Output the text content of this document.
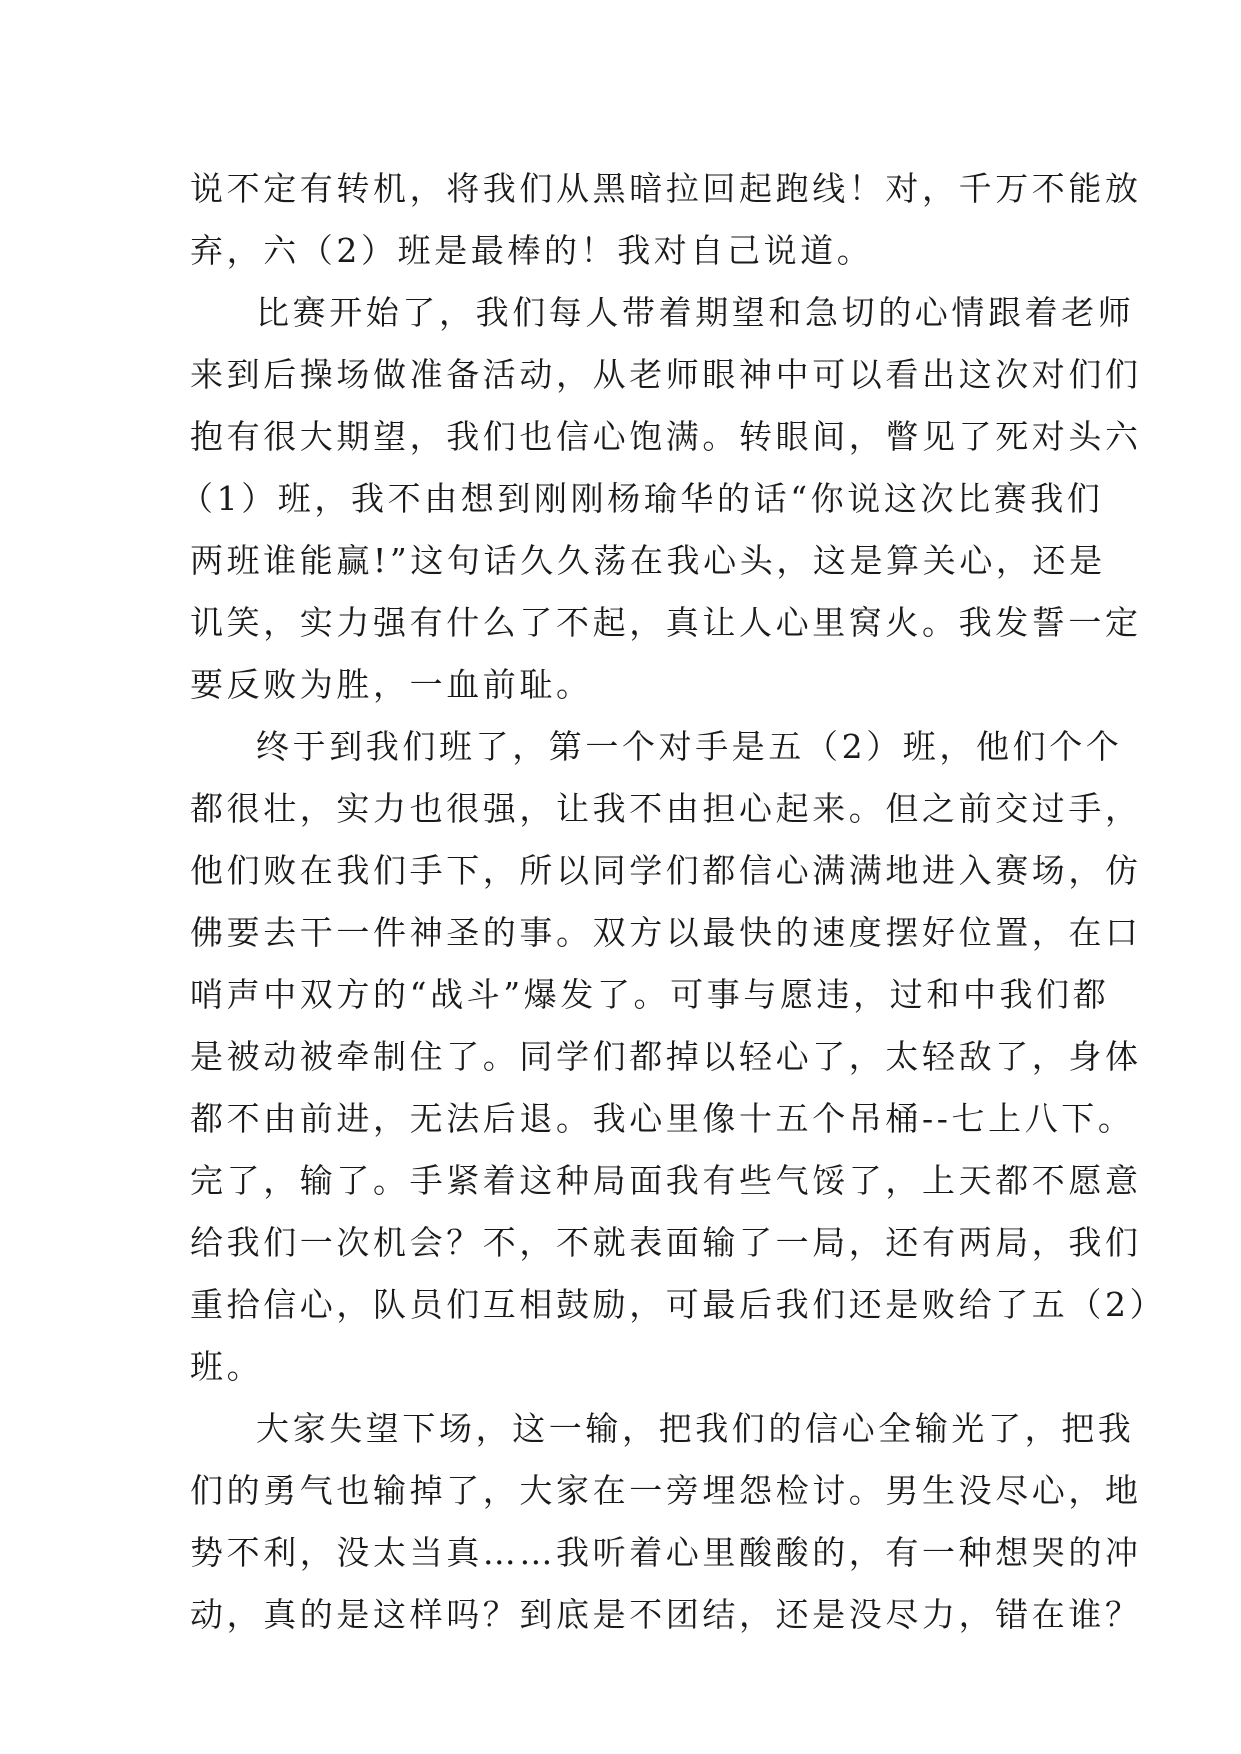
说不定有转机，将我们从黑暗拉回起跑线！对，千万不能放
弃，六（2）班是最棒的！我对自己说道。
比赛开始了，我们每人带着期望和急切的心情跟着老师
来到后操场做准备活动，从老师眼神中可以看出这次对们们
抱有很大期望，我们也信心饱满。转眼间，瞥见了死对头六
（1）班，我不由想到刚刚杨瑜华的话“你说这次比赛我们
两班谁能赢!”这句话久久荡在我心头，这是算关心，还是
讥笑，实力强有什么了不起，真让人心里窝火。我发誓一定
要反败为胜，一血前耻。
终于到我们班了，第一个对手是五（2）班，他们个个
都很壮，实力也很强，让我不由担心起来。但之前交过手，
他们败在我们手下，所以同学们都信心满满地进入赛场，仿
佛要去干一件神圣的事。双方以最快的速度摆好位置，在口
哨声中双方的“战斗”爆发了。可事与愿违，过和中我们都
是被动被牵制住了。同学们都掉以轻心了，太轻敌了，身体
都不由前进，无法后退。我心里像十五个吊桶--七上八下。
完了，输了。手紧着这种局面我有些气馁了，上天都不愿意
给我们一次机会？不，不就表面输了一局，还有两局，我们
重拾信心，队员们互相鼓励，可最后我们还是败给了五（2）
班。
大家失望下场，这一输，把我们的信心全输光了，把我
们的勇气也输掉了，大家在一旁埋怨检讨。男生没尽心，地
势不利，没太当真……我听着心里酸酸的，有一种想哭的冲
动，真的是这样吗？到底是不团结，还是没尽力，错在谁？
